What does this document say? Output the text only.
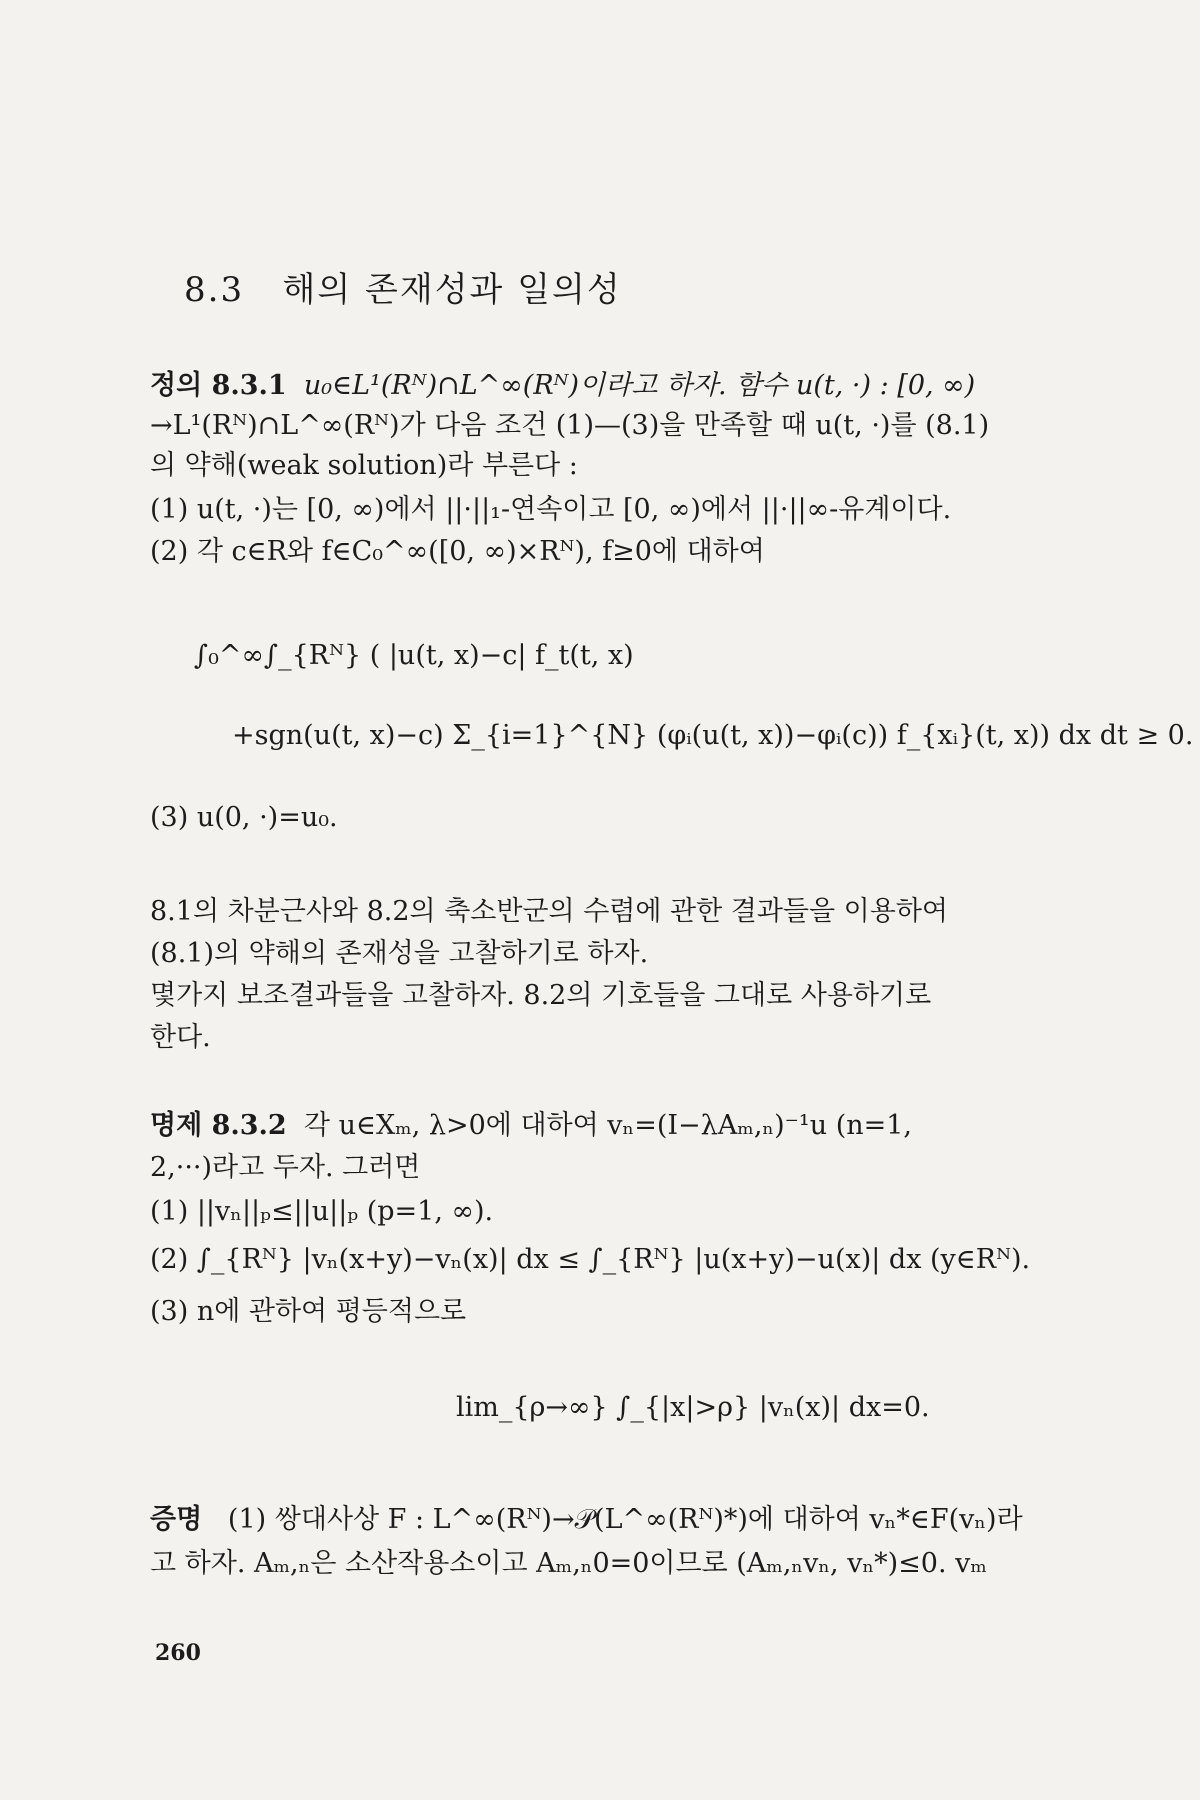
8.3 해의 존재성과 일의성
정의 8.3.1 u₀∈L¹(Rᴺ)∩L^∞(Rᴺ)이라고 하자. 함수 u(t, ·) : [0, ∞)
→L¹(Rᴺ)∩L^∞(Rᴺ)가 다음 조건 (1)—(3)을 만족할 때 u(t, ·)를 (8.1)
의 약해(weak solution)라 부른다 :
(1) u(t, ·)는 [0, ∞)에서 ||·||₁-연속이고 [0, ∞)에서 ||·||∞-유계이다.
(2) 각 c∈R와 f∈C₀^∞([0, ∞)×Rᴺ), f≥0에 대하여
∫₀^∞∫_{Rᴺ} ( |u(t, x)−c| f_t(t, x)
+sgn(u(t, x)−c) Σ_{i=1}^{N} (φᵢ(u(t, x))−φᵢ(c)) f_{xᵢ}(t, x)) dx dt ≥ 0.
(3) u(0, ·)=u₀.
8.1의 차분근사와 8.2의 축소반군의 수렴에 관한 결과들을 이용하여
(8.1)의 약해의 존재성을 고찰하기로 하자.
몇가지 보조결과들을 고찰하자. 8.2의 기호들을 그대로 사용하기로
한다.
명제 8.3.2 각 u∈Xₘ, λ>0에 대하여 vₙ=(I−λAₘ,ₙ)⁻¹u (n=1,
2,···)라고 두자. 그러면
(1) ||vₙ||ₚ≤||u||ₚ (p=1, ∞).
(2) ∫_{Rᴺ} |vₙ(x+y)−vₙ(x)| dx ≤ ∫_{Rᴺ} |u(x+y)−u(x)| dx (y∈Rᴺ).
(3) n에 관하여 평등적으로
lim_{ρ→∞} ∫_{|x|>ρ} |vₙ(x)| dx=0.
증명 (1) 쌍대사상 F : L^∞(Rᴺ)→𝒫(L^∞(Rᴺ)*)에 대하여 vₙ*∈F(vₙ)라
고 하자. Aₘ,ₙ은 소산작용소이고 Aₘ,ₙ0=0이므로 (Aₘ,ₙvₙ, vₙ*)≤0. vₘ
260
